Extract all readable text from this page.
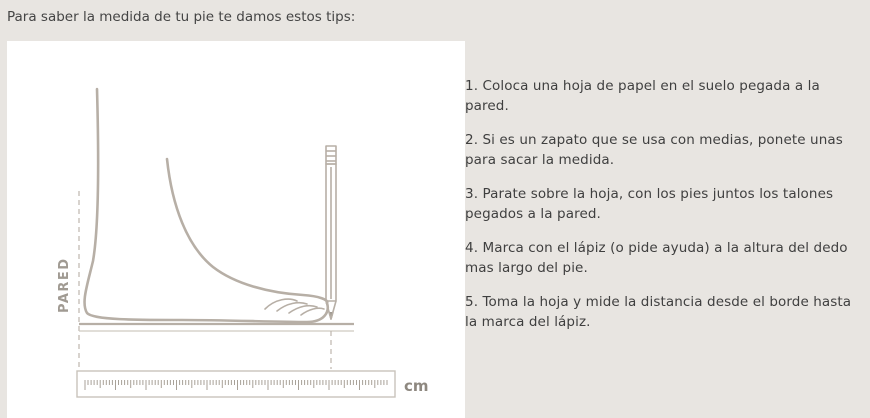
Para saber la medida de tu pie te damos estos tips:

PARED
cm
1. Coloca una hoja de papel en el suelo pegada a la pared.
2. Si es un zapato que se usa con medias, ponete unas para sacar la medida.
3. Parate sobre la hoja, con los pies juntos los talones pegados a la pared.
4. Marca con el lápiz (o pide ayuda) a la altura del dedo mas largo del pie.
5. Toma la hoja y mide la distancia desde el borde hasta la marca del lápiz.
